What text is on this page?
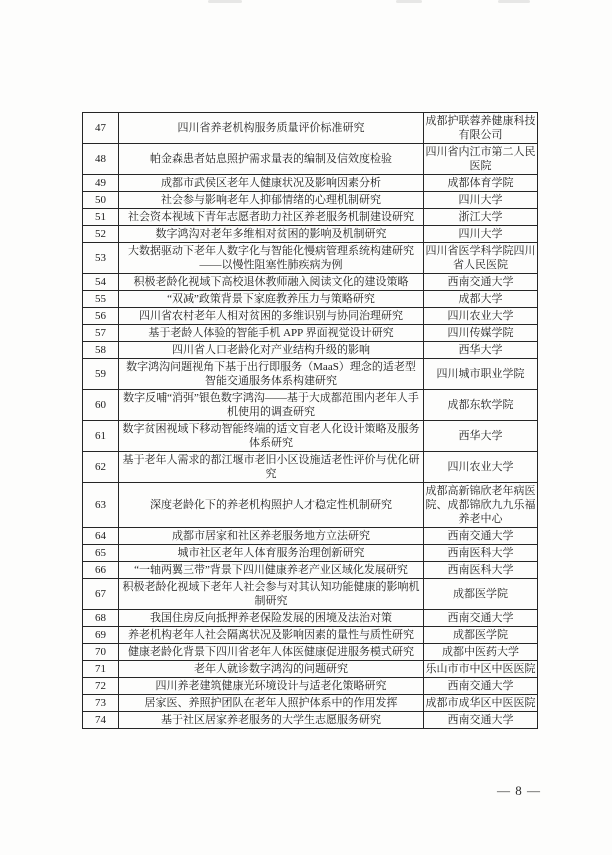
47	四川省养老机构服务质量评价标准研究	成都护联蓉养健康科技有限公司
48	帕金森患者姑息照护需求量表的编制及信效度检验	四川省内江市第二人民医院
49	成都市武侯区老年人健康状况及影响因素分析	成都体育学院
50	社会参与影响老年人抑郁情绪的心理机制研究	四川大学
51	社会资本视域下青年志愿者助力社区养老服务机制建设研究	浙江大学
52	数字鸿沟对老年多维相对贫困的影响及机制研究	四川大学
53	大数据驱动下老年人数字化与智能化慢病管理系统构建研究——以慢性阻塞性肺疾病为例	四川省医学科学院四川省人民医院
54	积极老龄化视域下高校退休教师融入阅读文化的建设策略	西南交通大学
55	“双减”政策背景下家庭教养压力与策略研究	成都大学
56	四川省农村老年人相对贫困的多维识别与协同治理研究	四川农业大学
57	基于老龄人体验的智能手机 APP 界面视觉设计研究	四川传媒学院
58	四川省人口老龄化对产业结构升级的影响	西华大学
59	数字鸿沟问题视角下基于出行即服务（MaaS）理念的适老型智能交通服务体系构建研究	四川城市职业学院
60	数字反哺“消弭”银色数字鸿沟——基于大成都范围内老年人手机使用的调查研究	成都东软学院
61	数字贫困视域下移动智能终端的适文盲老人化设计策略及服务体系研究	西华大学
62	基于老年人需求的都江堰市老旧小区设施适老性评价与优化研究	四川农业大学
63	深度老龄化下的养老机构照护人才稳定性机制研究	成都高新锦欣老年病医院、成都锦欣九九乐福养老中心
64	成都市居家和社区养老服务地方立法研究	西南交通大学
65	城市社区老年人体育服务治理创新研究	西南医科大学
66	“一轴两翼三带”背景下四川健康养老产业区域化发展研究	西南医科大学
67	积极老龄化视域下老年人社会参与对其认知功能健康的影响机制研究	成都医学院
68	我国住房反向抵押养老保险发展的困境及法治对策	西南交通大学
69	养老机构老年人社会隔离状况及影响因素的量性与质性研究	成都医学院
70	健康老龄化背景下四川省老年人体医健康促进服务模式研究	成都中医药大学
71	老年人就诊数字鸿沟的问题研究	乐山市市中区中医医院
72	四川养老建筑健康光环境设计与适老化策略研究	西南交通大学
73	居家医、养照护团队在老年人照护体系中的作用发挥	成都市成华区中医医院
74	基于社区居家养老服务的大学生志愿服务研究	西南交通大学
— 8 —
